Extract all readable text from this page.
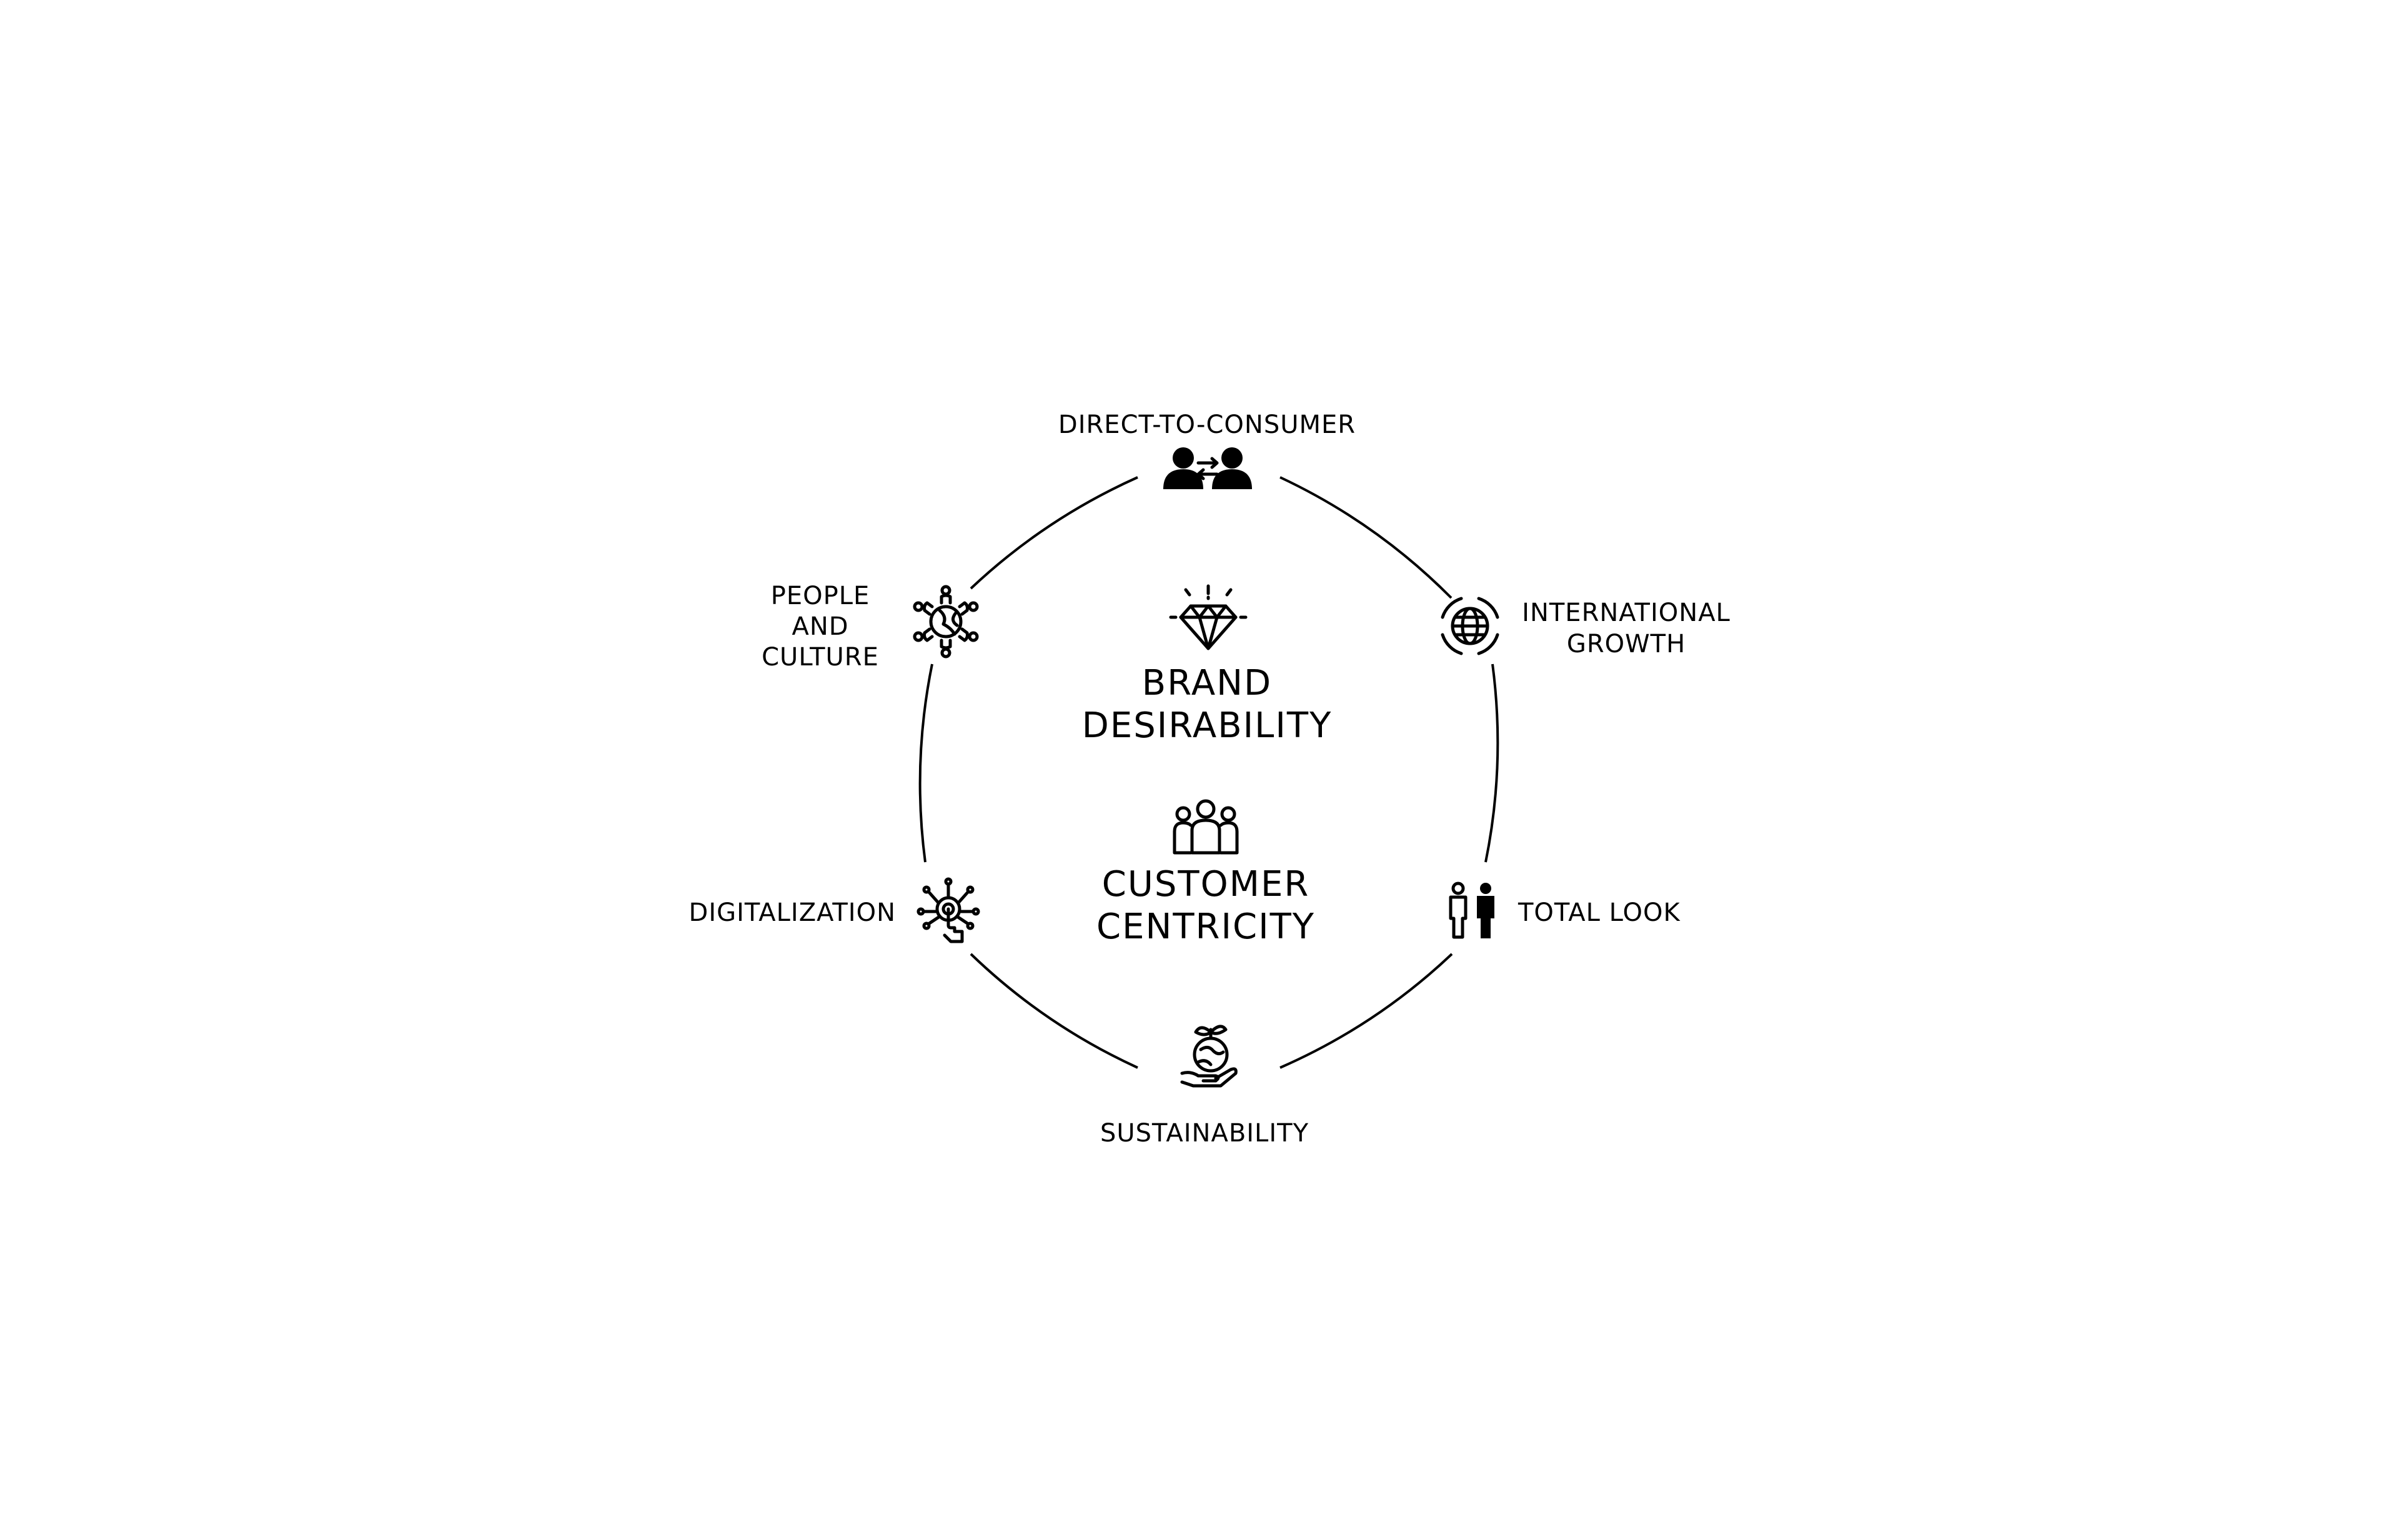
DIRECT-TO-CONSUMER
INTERNATIONAL
GROWTH
TOTAL LOOK
SUSTAINABILITY
DIGITALIZATION
PEOPLE
AND
CULTURE
BRAND
DESIRABILITY
CUSTOMER
CENTRICITY
